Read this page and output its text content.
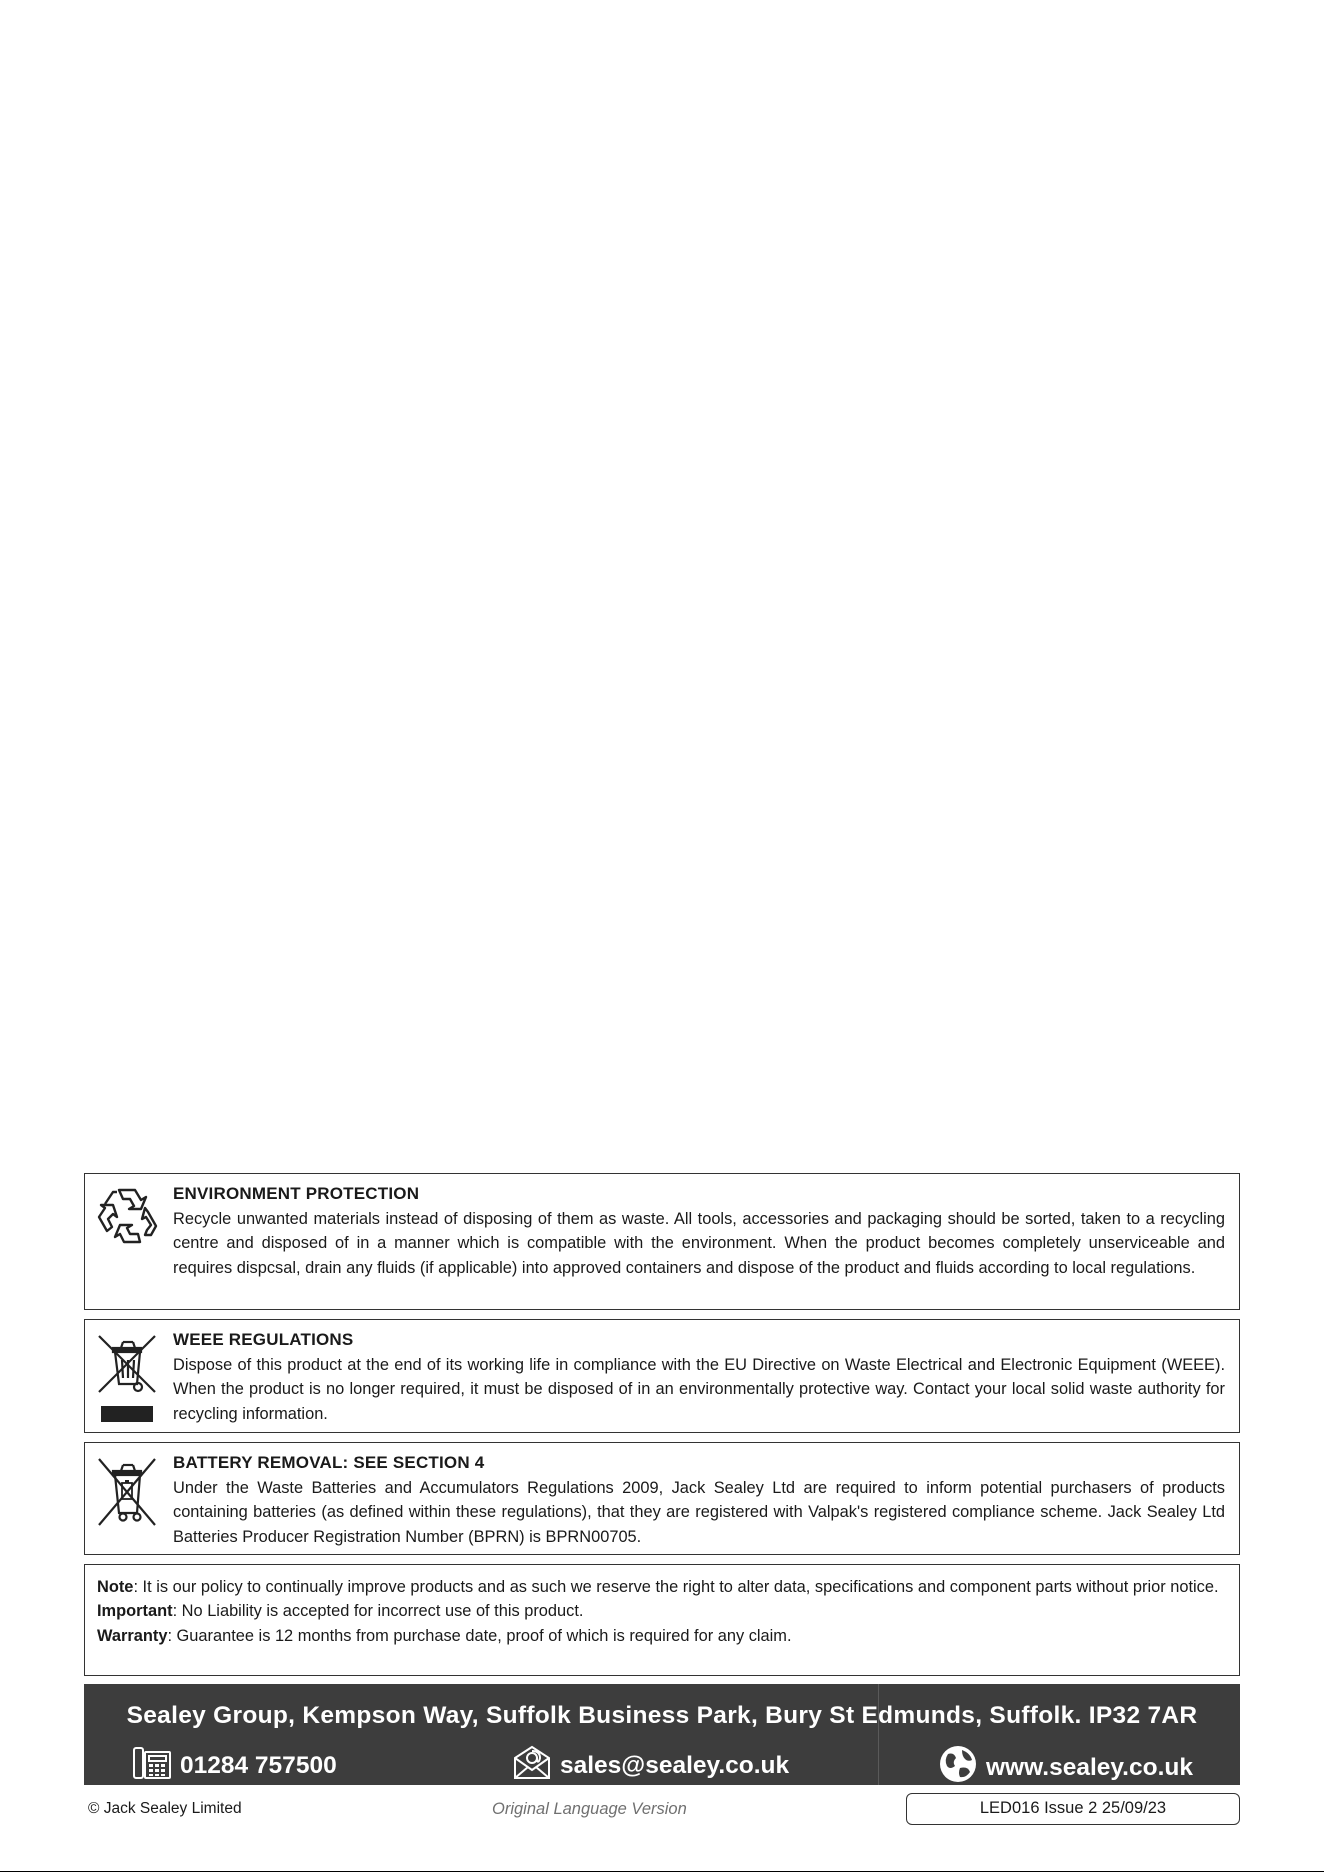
ENVIRONMENT PROTECTION

Recycle unwanted materials instead of disposing of them as waste. All tools, accessories and packaging should be sorted, taken to a recycling centre and disposed of in a manner which is compatible with the environment. When the product becomes completely unserviceable and requires dispcsal, drain any fluids (if applicable) into approved containers and dispose of the product and fluids according to local regulations.

WEEE REGULATIONS

Dispose of this product at the end of its working life in compliance with the EU Directive on Waste Electrical and Electronic Equipment (WEEE). When the product is no longer required, it must be disposed of in an environmentally protective way. Contact your local solid waste authority for recycling information.

BATTERY REMOVAL: SEE SECTION 4

Under the Waste Batteries and Accumulators Regulations 2009, Jack Sealey Ltd are required to inform potential purchasers of products containing batteries (as defined within these regulations), that they are registered with Valpak's registered compliance scheme. Jack Sealey Ltd Batteries Producer Registration Number (BPRN) is BPRN00705.

Note: It is our policy to continually improve products and as such we reserve the right to alter data, specifications and component parts without prior notice.

Important: No Liability is accepted for incorrect use of this product.

Warranty: Guarantee is 12 months from purchase date, proof of which is required for any claim.

Sealey Group, Kempson Way, Suffolk Business Park, Bury St Edmunds, Suffolk. IP32 7AR
01284 757500	sales@sealey.co.uk	www.sealey.co.uk
© Jack Sealey Limited	Original Language Version	LED016 Issue 2 25/09/23
